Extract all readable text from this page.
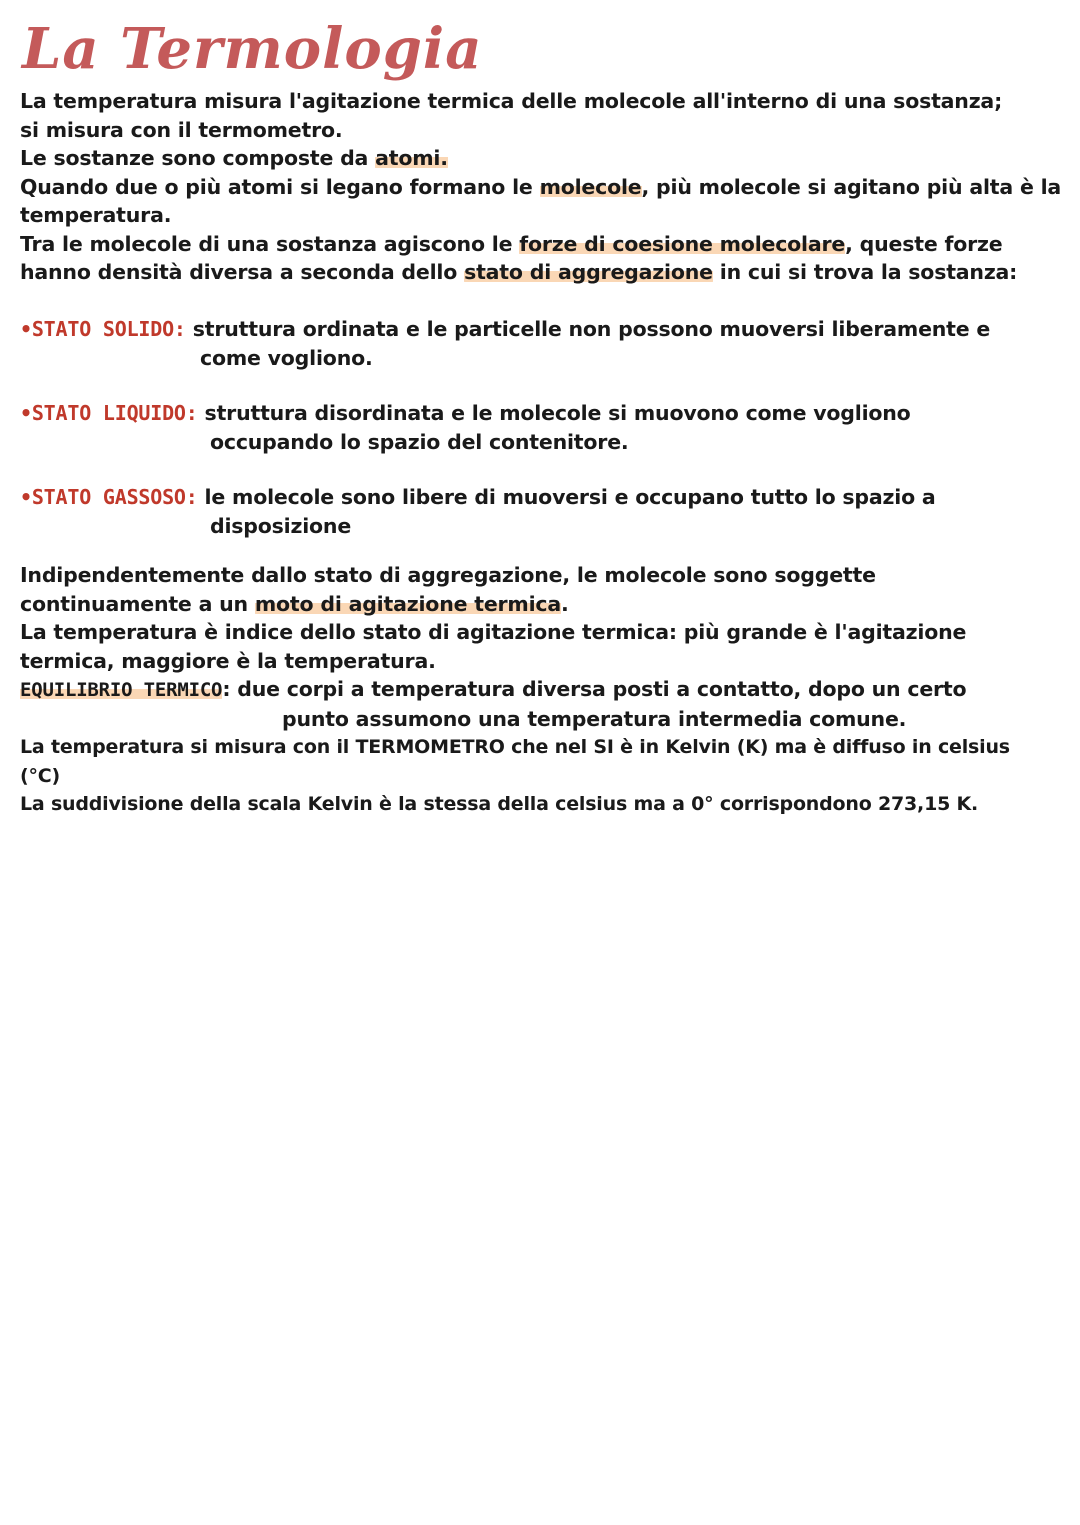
La Termologia
La temperatura misura l'agitazione termica delle molecole all'interno di una sostanza;
si misura con il termometro.
Le sostanze sono composte da atomi.
Quando due o più atomi si legano formano le molecole, più molecole si agitano più alta è la
temperatura.
Tra le molecole di una sostanza agiscono le forze di coesione molecolare, queste forze
hanno densità diversa a seconda dello stato di aggregazione in cui si trova la sostanza:
•STATO SOLIDO: struttura ordinata e le particelle non possono muoversi liberamente e
come vogliono.
•STATO LIQUIDO: struttura disordinata e le molecole si muovono come vogliono
occupando lo spazio del contenitore.
•STATO GASSOSO: le molecole sono libere di muoversi e occupano tutto lo spazio a
disposizione
Indipendentemente dallo stato di aggregazione, le molecole sono soggette
continuamente a un moto di agitazione termica.
La temperatura è indice dello stato di agitazione termica: più grande è l'agitazione
termica, maggiore è la temperatura.
EQUILIBRIO TERMICO: due corpi a temperatura diversa posti a contatto, dopo un certo
punto assumono una temperatura intermedia comune.
La temperatura si misura con il TERMOMETRO che nel SI è in Kelvin (K) ma è diffuso in celsius
(°C)
La suddivisione della scala Kelvin è la stessa della celsius ma a 0° corrispondono 273,15 K.
